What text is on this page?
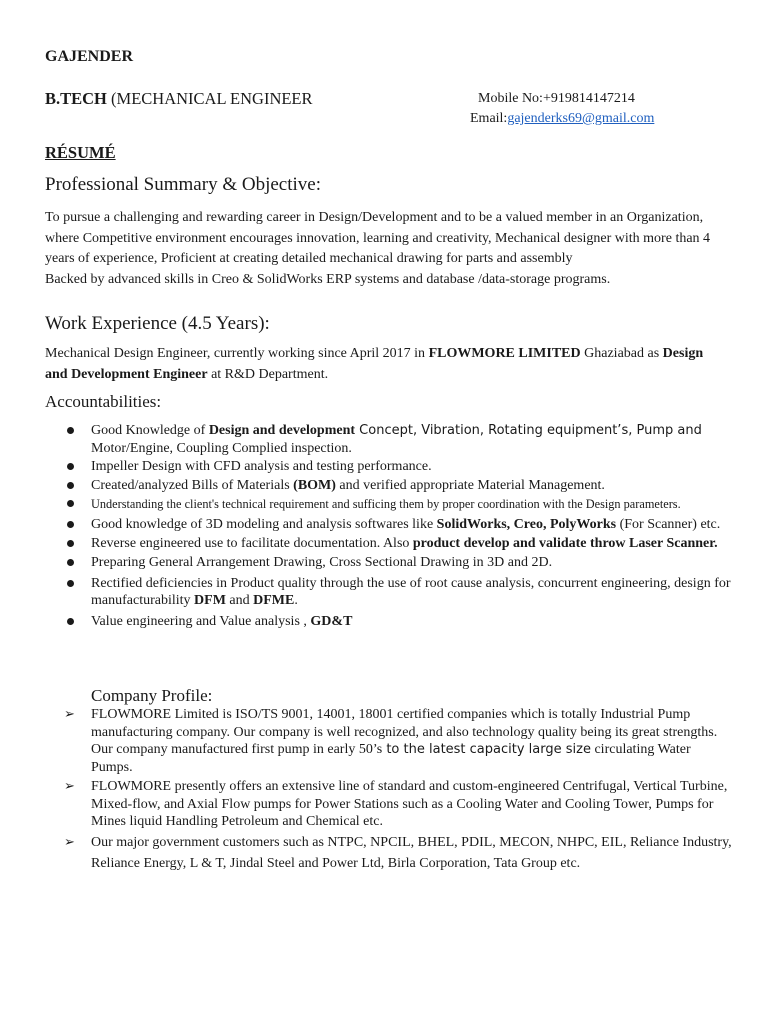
GAJENDER
B.TECH (MECHANICAL ENGINEER	Mobile No:+919814147214
Email:gajenderks69@gmail.com
RÉSUMÉ
Professional Summary & Objective:

To pursue a challenging and rewarding career in Design/Development and to be a valued member in an Organization, where Competitive environment encourages innovation, learning and creativity, Mechanical designer with more than 4 years of experience, Proficient at creating detailed mechanical drawing for parts and assembly

Backed by advanced skills in Creo & SolidWorks ERP systems and database /data-storage programs.

Work Experience (4.5 Years):
Mechanical Design Engineer, currently working since April 2017 in FLOWMORE LIMITED Ghaziabad as Design and Development Engineer at R&D Department.
Accountabilities:
Good Knowledge of Design and development Concept, Vibration, Rotating equipment’s, Pump and
Motor/Engine, Coupling Complied inspection.
Impeller Design with CFD analysis and testing performance.
Created/analyzed Bills of Materials (BOM) and verified appropriate Material Management.
Understanding the client's technical requirement and sufficing them by proper coordination with the Design parameters.
Good knowledge of 3D modeling and analysis softwares like SolidWorks, Creo, PolyWorks (For Scanner) etc.
Reverse engineered use to facilitate documentation. Also product develop and validate throw Laser Scanner.
Preparing General Arrangement Drawing, Cross Sectional Drawing in 3D and 2D.
Rectified deficiencies in Product quality through the use of root cause analysis, concurrent engineering, design for manufacturability DFM and DFME.
Value engineering and Value analysis , GD&T
Company Profile:
➢ FLOWMORE Limited is ISO/TS 9001, 14001, 18001 certified companies which is totally Industrial Pump manufacturing company. Our company is well recognized, and also technology quality being its great strengths. Our company manufactured first pump in early 50’s to the latest capacity large size circulating Water Pumps.
➢ FLOWMORE presently offers an extensive line of standard and custom-engineered Centrifugal, Vertical Turbine, Mixed-flow, and Axial Flow pumps for Power Stations such as a Cooling Water and Cooling Tower, Pumps for Mines liquid Handling Petroleum and Chemical etc.
➢ Our major government customers such as NTPC, NPCIL, BHEL, PDIL, MECON, NHPC, EIL, Reliance Industry, Reliance Energy, L & T, Jindal Steel and Power Ltd, Birla Corporation, Tata Group etc.
